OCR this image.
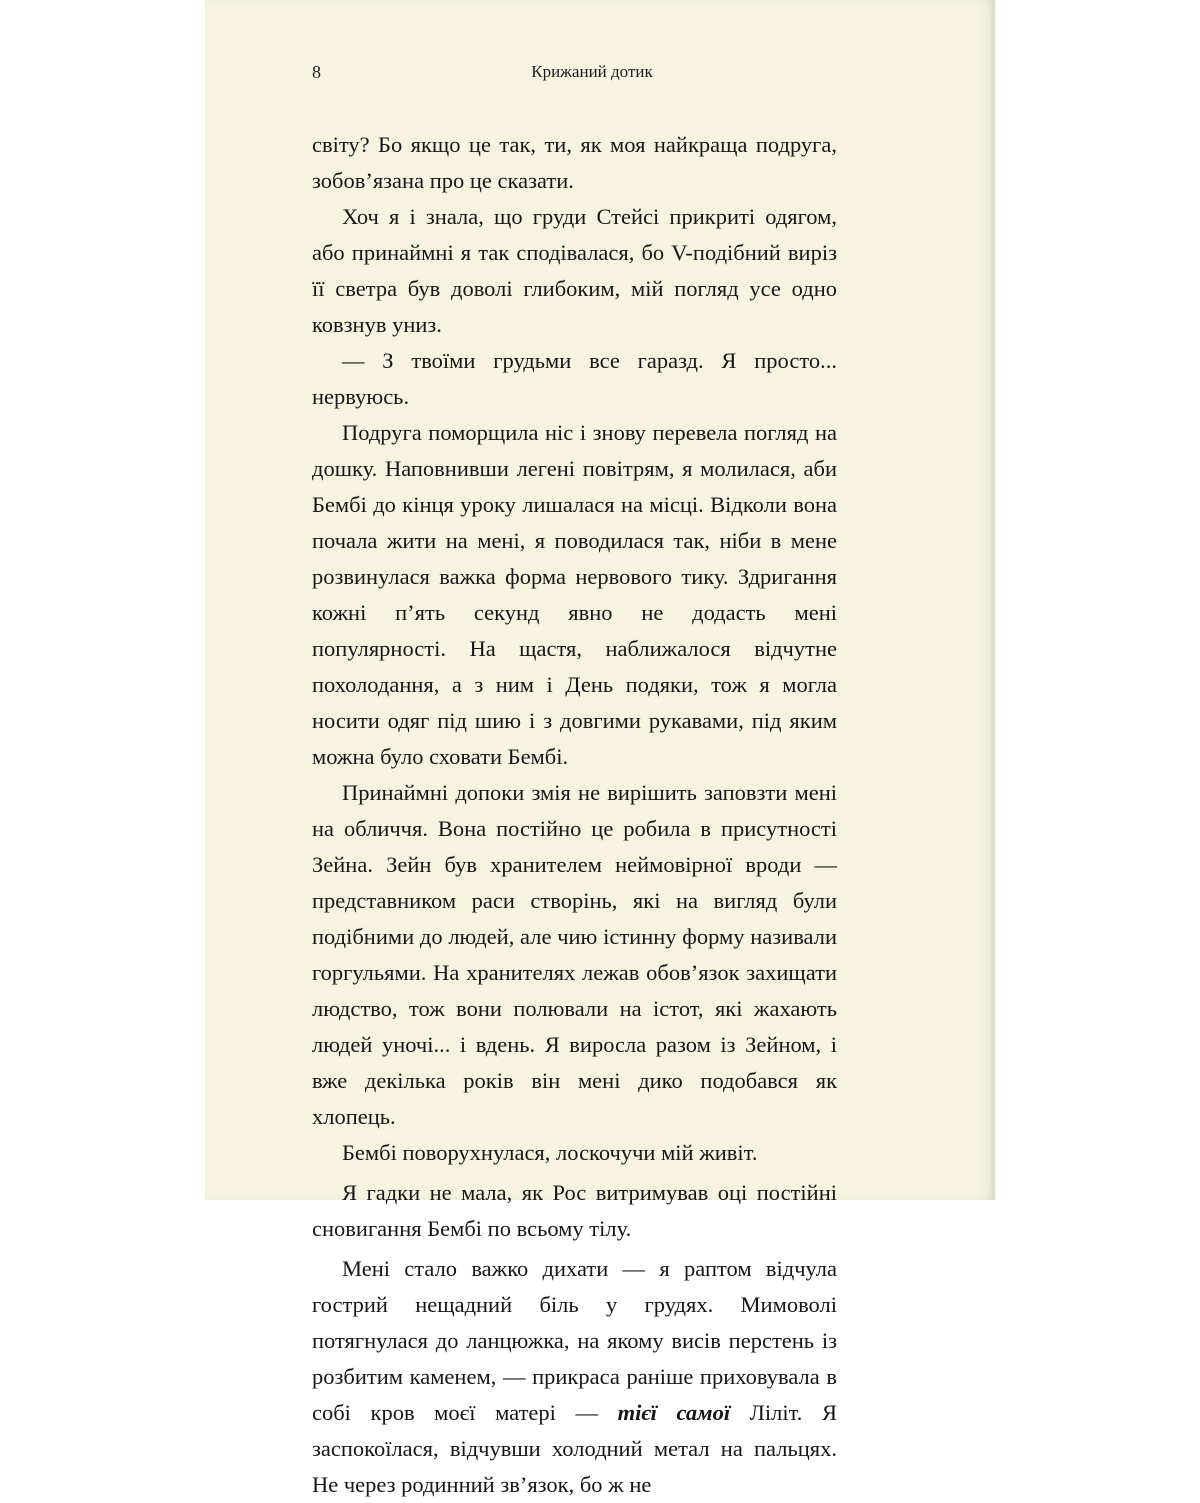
8	Крижаний дотик

світу? Бо якщо це так, ти, як моя найкраща подруга, зобов’язана про це сказати.

Хоч я і знала, що груди Стейсі прикриті одягом, або принаймні я так сподівалася, бо V-подібний виріз її светра був доволі глибоким, мій погляд усе одно ковзнув униз.

— З твоїми грудьми все гаразд. Я просто... нервуюсь.

Подруга поморщила ніс і знову перевела погляд на дошку. Наповнивши легені повітрям, я молилася, аби Бембі до кінця уроку лишалася на місці. Відколи вона почала жити на мені, я поводилася так, ніби в мене розвинулася важка форма нервового тику. Здригання кожні п’ять секунд явно не додасть мені популярності. На щастя, наближалося відчутне похолодання, а з ним і День подяки, тож я могла носити одяг під шию і з довгими рукавами, під яким можна було сховати Бембі.

Принаймні допоки змія не вирішить заповзти мені на обличчя. Вона постійно це робила в присутності Зейна. Зейн був хранителем неймовірної вроди — представником раси створінь, які на вигляд були подібними до людей, але чию істинну форму називали горгульями. На хранителях лежав обов’язок захищати людство, тож вони полювали на істот, які жахають людей уночі... і вдень. Я виросла разом із Зейном, і вже декілька років він мені дико подобався як хлопець.

Бембі поворухнулася, лоскочучи мій живіт.

Я гадки не мала, як Рос витримував оці постійні сновигання Бембі по всьому тілу.

Мені стало важко дихати — я раптом відчула гострий нещадний біль у грудях. Мимоволі потягнулася до ланцюжка, на якому висів перстень із розбитим каменем, — прикраса раніше приховувала в собі кров моєї матері — тієї самої Ліліт. Я заспокоїлася, відчувши холодний метал на пальцях. Не через родинний зв’язок, бо ж не
